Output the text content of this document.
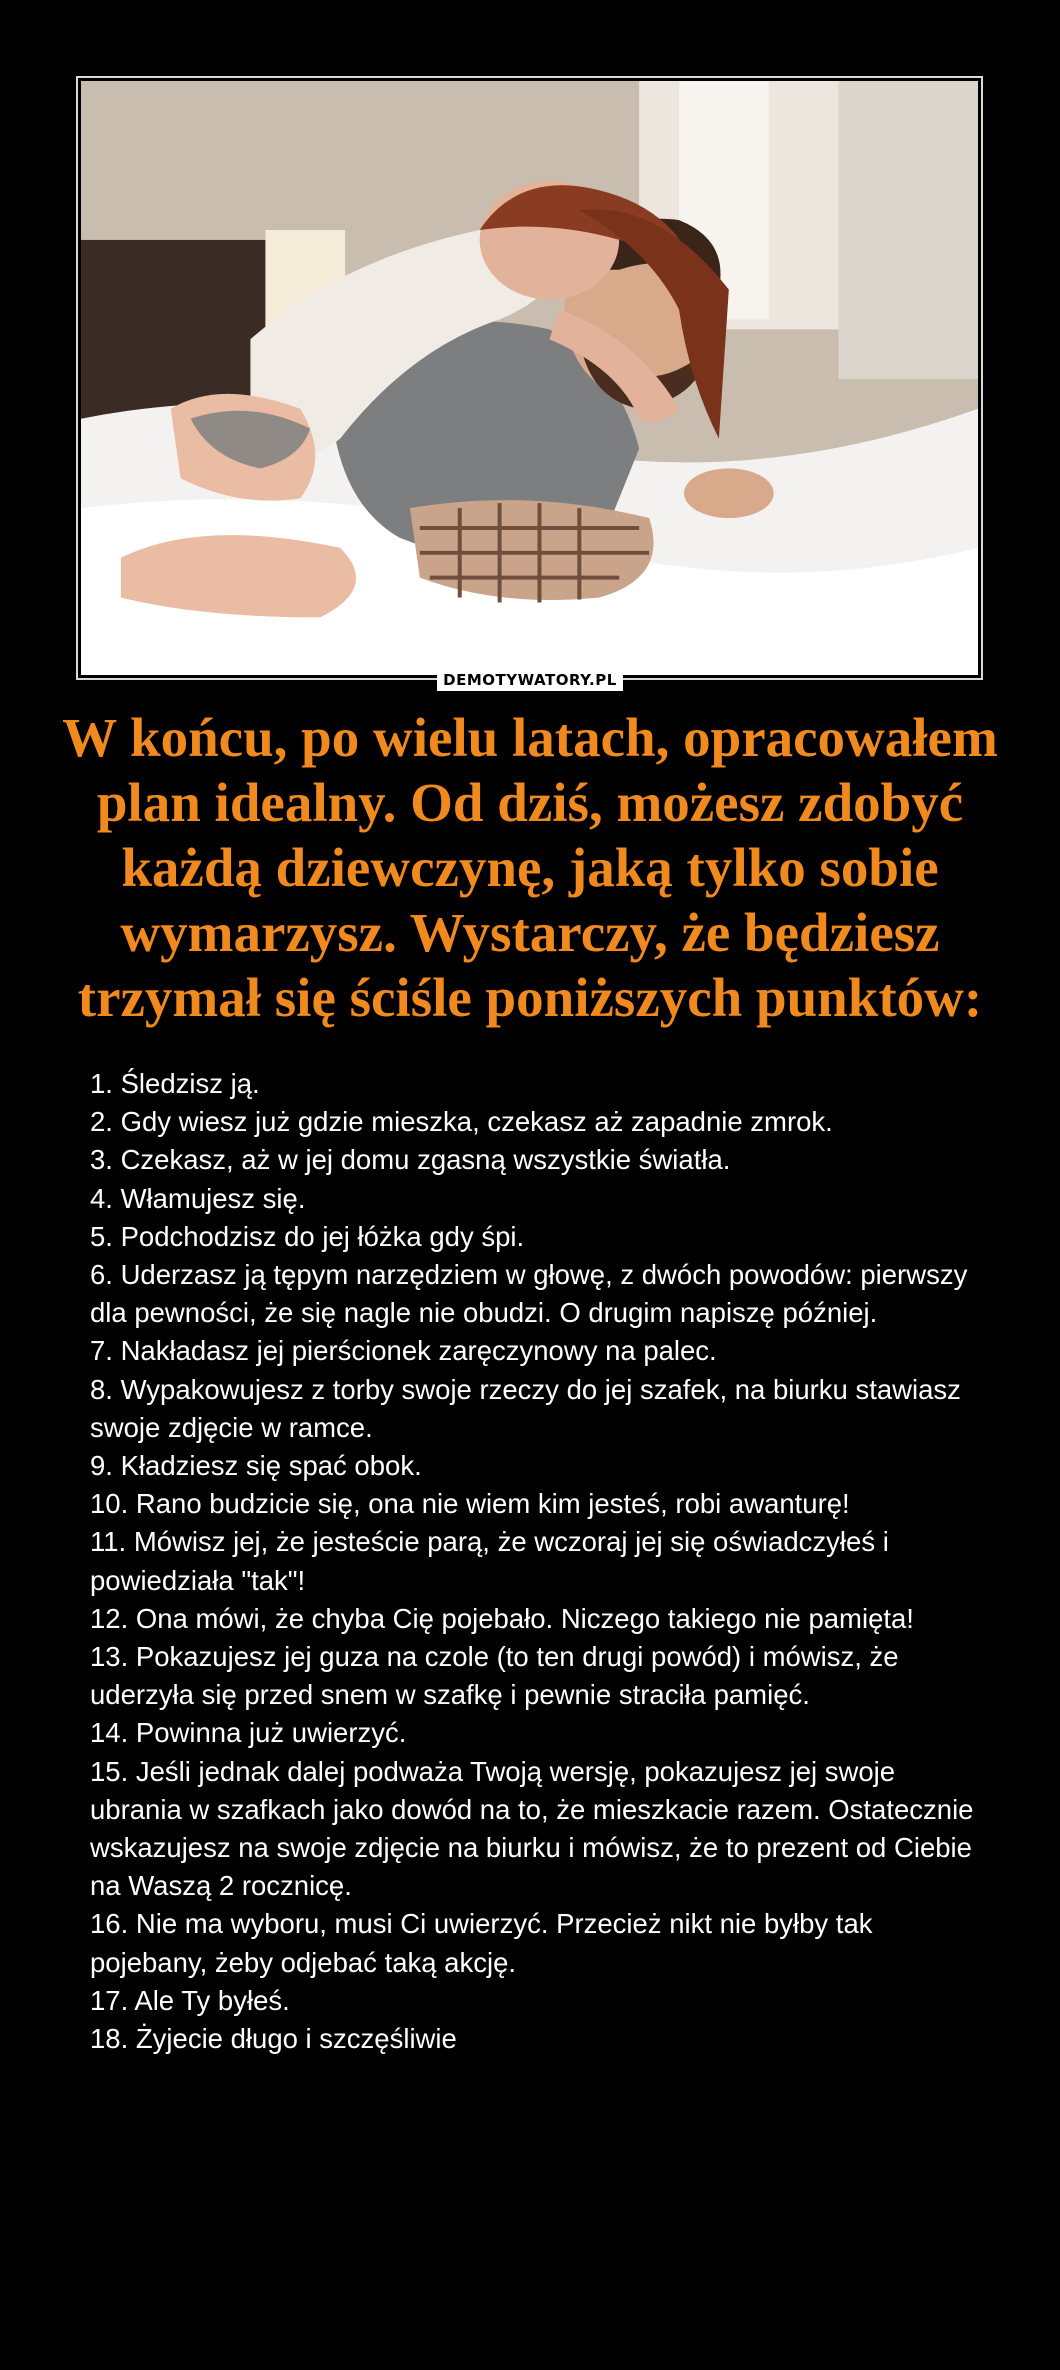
DEMOTYWATORY.PL
W końcu, po wielu latach, opracowałem plan idealny. Od dziś, możesz zdobyć każdą dziewczynę, jaką tylko sobie wymarzysz. Wystarczy, że będziesz trzymał się ściśle poniższych punktów:
1. Śledzisz ją.
2. Gdy wiesz już gdzie mieszka, czekasz aż zapadnie zmrok.
3. Czekasz, aż w jej domu zgasną wszystkie światła.
4. Włamujesz się.
5. Podchodzisz do jej łóżka gdy śpi.
6. Uderzasz ją tępym narzędziem w głowę, z dwóch powodów: pierwszy dla pewności, że się nagle nie obudzi. O drugim napiszę później.
7. Nakładasz jej pierścionek zaręczynowy na palec.
8. Wypakowujesz z torby swoje rzeczy do jej szafek, na biurku stawiasz swoje zdjęcie w ramce.
9. Kładziesz się spać obok.
10. Rano budzicie się, ona nie wiem kim jesteś, robi awanturę!
11. Mówisz jej, że jesteście parą, że wczoraj jej się oświadczyłeś i powiedziała "tak"!
12. Ona mówi, że chyba Cię pojebało. Niczego takiego nie pamięta!
13. Pokazujesz jej guza na czole (to ten drugi powód) i mówisz, że uderzyła się przed snem w szafkę i pewnie straciła pamięć.
14. Powinna już uwierzyć.
15. Jeśli jednak dalej podważa Twoją wersję, pokazujesz jej swoje ubrania w szafkach jako dowód na to, że mieszkacie razem. Ostatecznie wskazujesz na swoje zdjęcie na biurku i mówisz, że to prezent od Ciebie na Waszą 2 rocznicę.
16. Nie ma wyboru, musi Ci uwierzyć. Przecież nikt nie byłby tak pojebany, żeby odjebać taką akcję.
17. Ale Ty byłeś.
18. Żyjecie długo i szczęśliwie
